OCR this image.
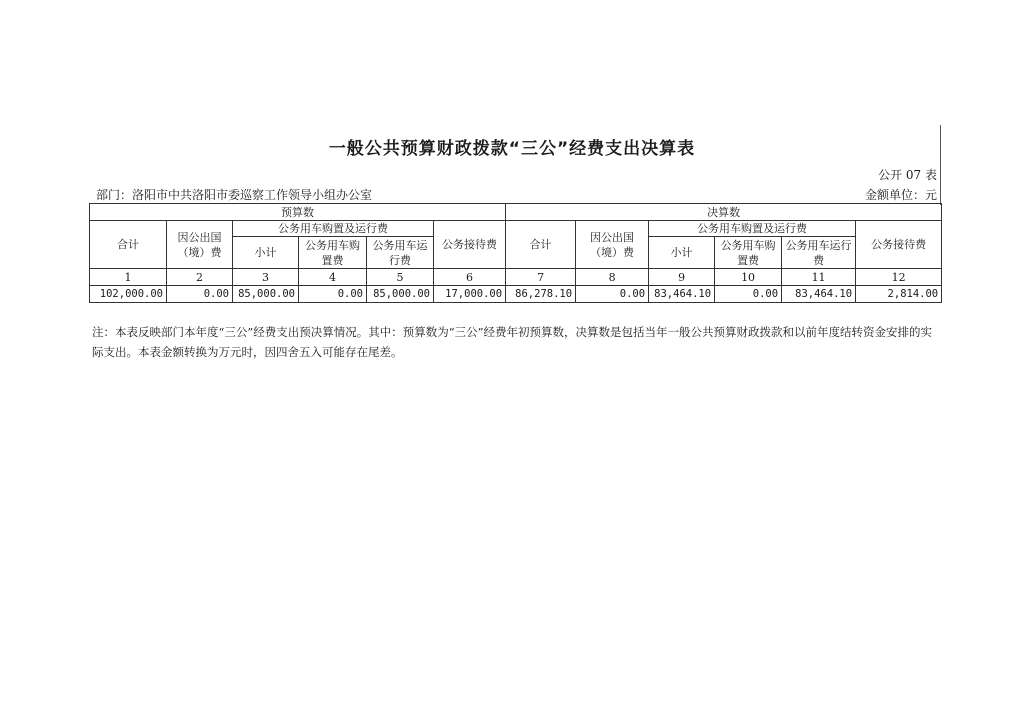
一般公共预算财政拨款“三公”经费支出决算表
公开 07 表
部门：洛阳市中共洛阳市委巡察工作领导小组办公室	金额单位：元
预算数						决算数					
合计	因公出国（境）费	公务用车购置及运行费			公务接待费	合计	因公出国（境）费	公务用车购置及运行费			公务接待费
		小计	公务用车购置费	公务用车运行费				小计	公务用车购置费	公务用车运行费	
1	2	3	4	5	6	7	8	9	10	11	12
102,000.00	0.00	85,000.00	0.00	85,000.00	17,000.00	86,278.10	0.00	83,464.10	0.00	83,464.10	2,814.00
注：本表反映部门本年度“三公”经费支出预决算情况。其中：预算数为“三公”经费年初预算数，决算数是包括当年一般公共预算财政拨款和以前年度结转资金安排的实际支出。本表金额转换为万元时，因四舍五入可能存在尾差。
